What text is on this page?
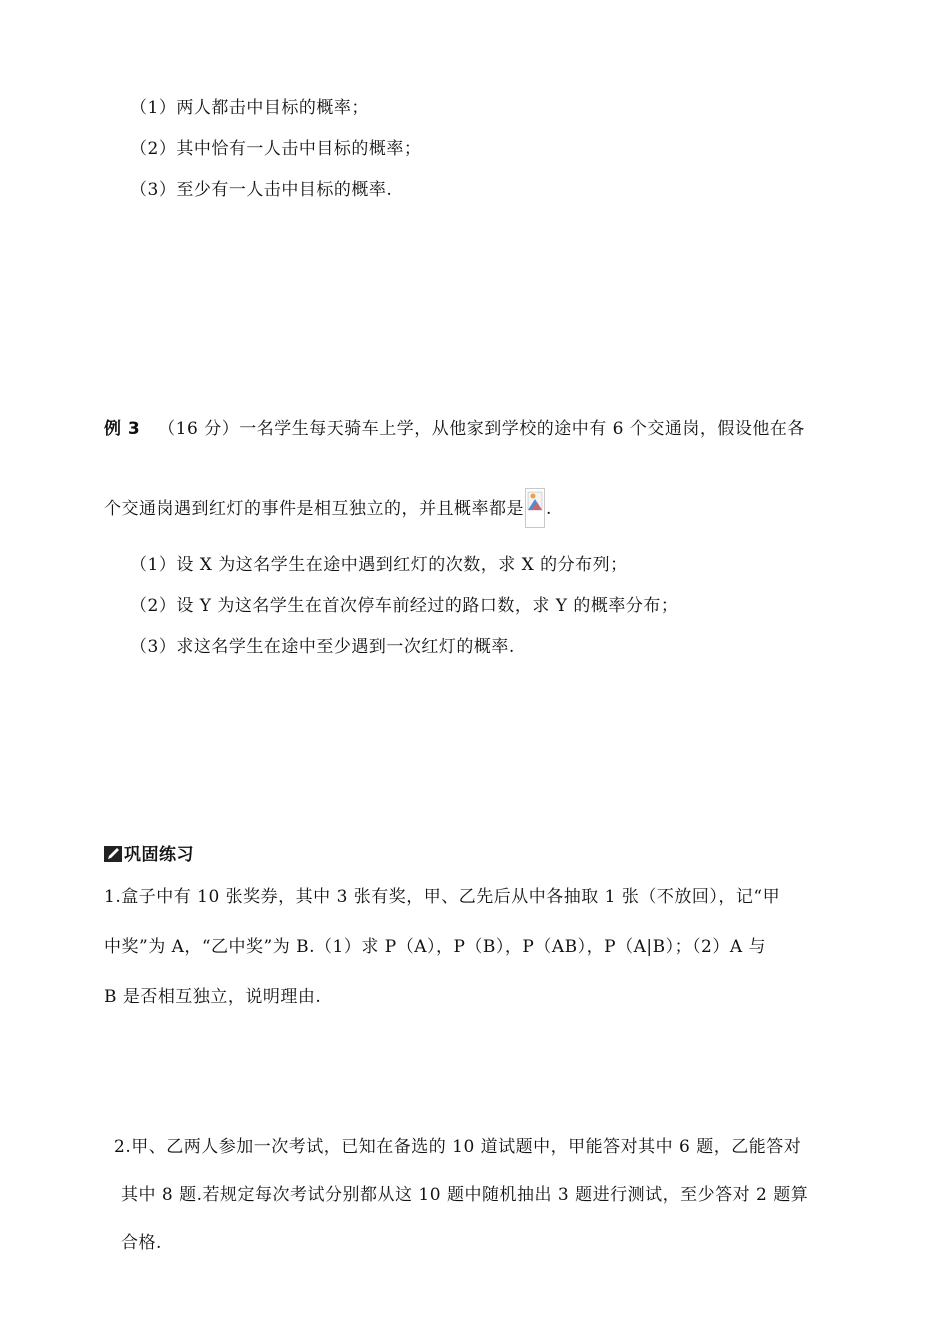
（1）两人都击中目标的概率；
（2）其中恰有一人击中目标的概率；
（3）至少有一人击中目标的概率.
例 3 （16 分）一名学生每天骑车上学，从他家到学校的途中有 6 个交通岗，假设他在各
个交通岗遇到红灯的事件是相互独立的，并且概率都是 .
（1）设 X 为这名学生在途中遇到红灯的次数，求 X 的分布列；
（2）设 Y 为这名学生在首次停车前经过的路口数，求 Y 的概率分布；
（3）求这名学生在途中至少遇到一次红灯的概率.
巩固练习
1.盒子中有 10 张奖券，其中 3 张有奖，甲、乙先后从中各抽取 1 张（不放回），记“甲
中奖”为 A，“乙中奖”为 B.（1）求 P（A），P（B），P（AB），P（A|B）；（2）A 与
B 是否相互独立，说明理由.
2.甲、乙两人参加一次考试，已知在备选的 10 道试题中，甲能答对其中 6 题，乙能答对
其中 8 题.若规定每次考试分别都从这 10 题中随机抽出 3 题进行测试，至少答对 2 题算
合格.
